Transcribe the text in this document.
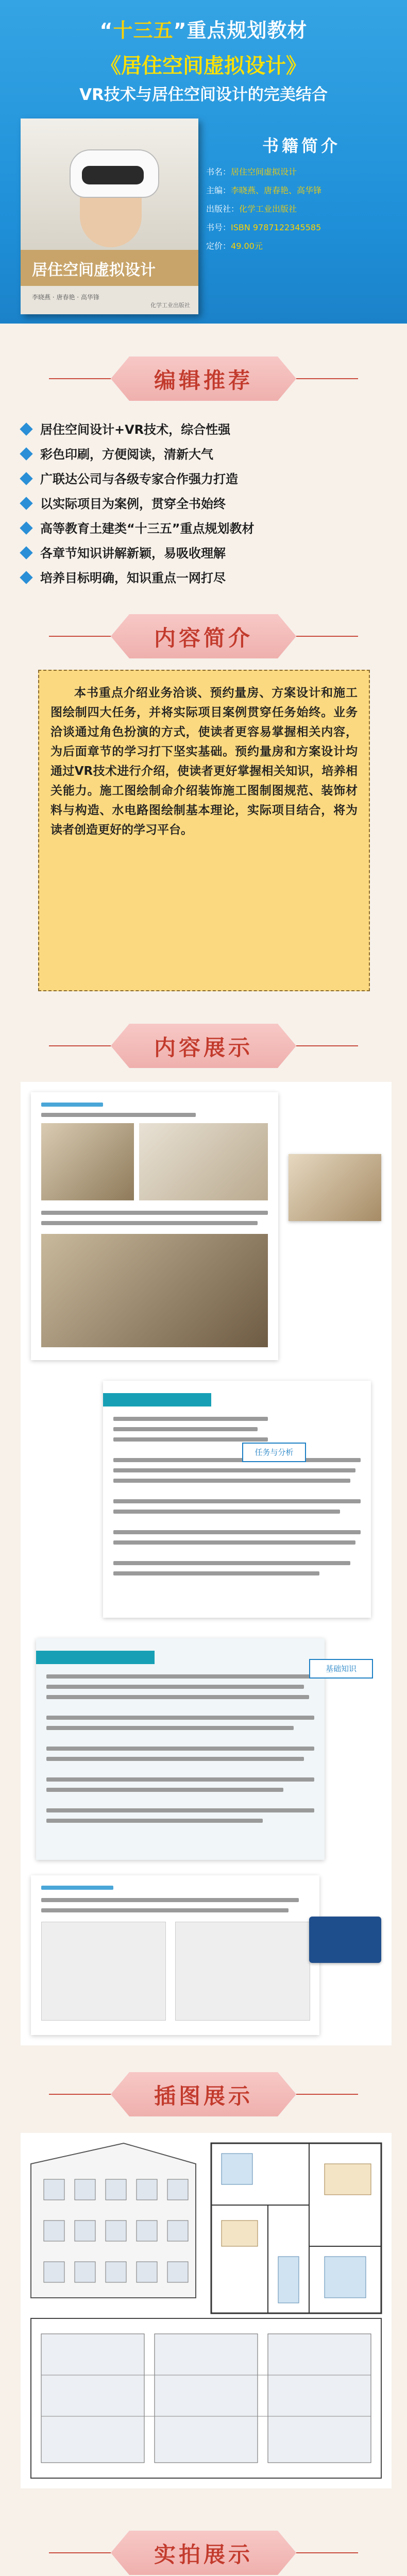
“十三五”重点规划教材
《居住空间虚拟设计》
VR技术与居住空间设计的完美结合
居住空间虚拟设计
李晓燕 · 唐春艳 · 高华锋
化学工业出版社
书籍简介
书名：居住空间虚拟设计
主编：李晓燕、唐春艳、高华锋
出版社：化学工业出版社
书号：ISBN 9787122345585
定价：49.00元
编辑推荐
居住空间设计+VR技术，综合性强
彩色印刷，方便阅读，清新大气
广联达公司与各级专家合作强力打造
以实际项目为案例，贯穿全书始终
高等教育土建类“十三五”重点规划教材
各章节知识讲解新颖，易吸收理解
培养目标明确，知识重点一网打尽
内容简介
本书重点介绍业务洽谈、预约量房、方案设计和施工图绘制四大任务，并将实际项目案例贯穿任务始终。业务洽谈通过角色扮演的方式，使读者更容易掌握相关内容，为后面章节的学习打下坚实基础。预约量房和方案设计均通过VR技术进行介绍，使读者更好掌握相关知识，培养相关能力。施工图绘制命介绍装饰施工图制图规范、装饰材料与构造、水电路图绘制基本理论，实际项目结合，将为读者创造更好的学习平台。
内容展示
任务与分析
基础知识
插图展示
实拍展示
